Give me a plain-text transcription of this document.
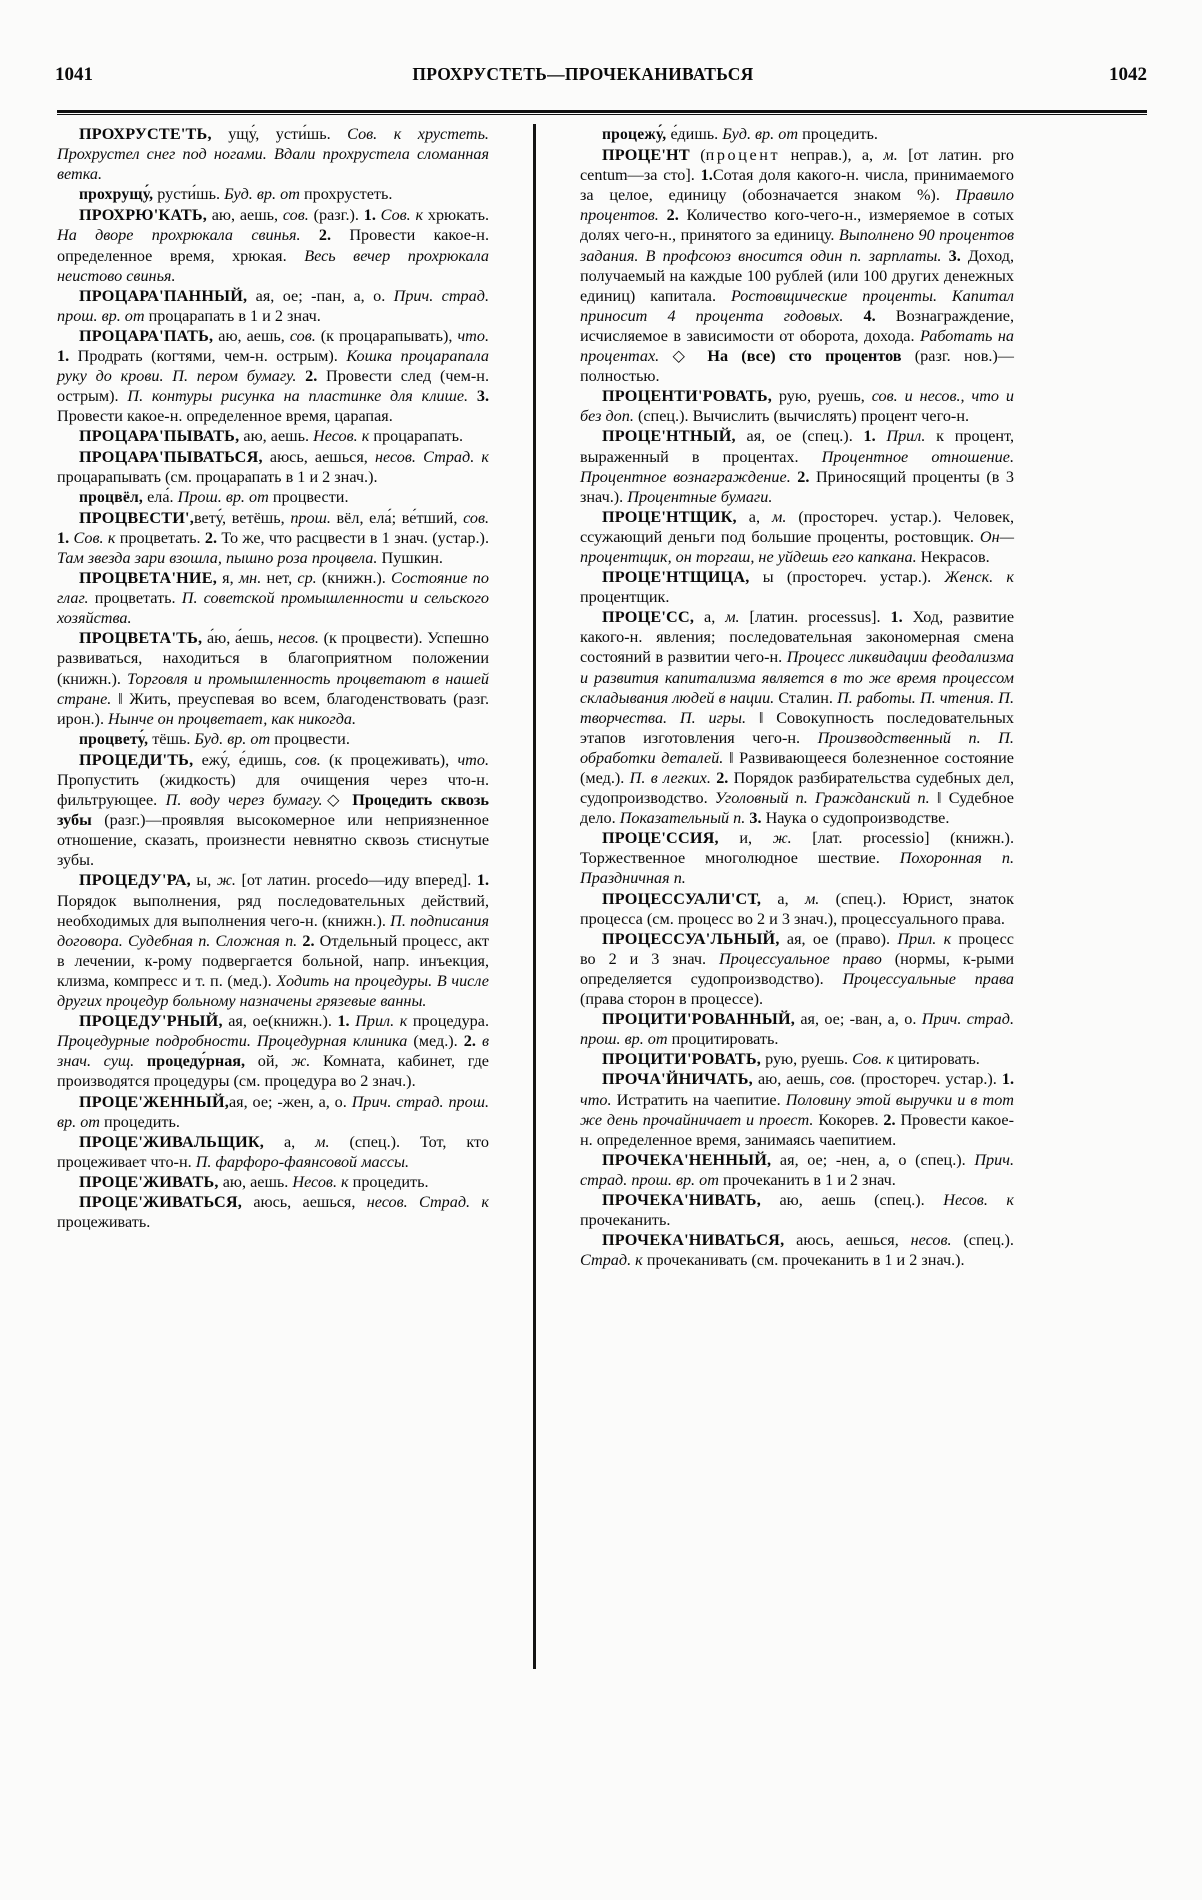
1041	ПРОХРУСТЕТЬ—ПРОЧЕКАНИВАТЬСЯ	1042

ПРОХРУСТЕ'ТЬ, ущу́, усти́шь. Сов. к хрустеть. Прохрустел снег под ногами. Вдали прохрустела сломанная ветка.

прохрущу́, русти́шь. Буд. вр. от прохрустеть.

ПРОХРЮ'КАТЬ, аю, аешь, сов. (разг.). 1. Сов. к хрюкать. На дворе прохрюкала свинья. 2. Провести какое-н. определенное время, хрюкая. Весь вечер прохрюкала неистово свинья.

ПРОЦАРА'ПАННЫЙ, ая, ое; -пан, а, о. Прич. страд. прош. вр. от процарапать в 1 и 2 знач.

ПРОЦАРА'ПАТЬ, аю, аешь, сов. (к процарапывать), что. 1. Продрать (когтями, чем-н. острым). Кошка процарапала руку до крови. П. пером бумагу. 2. Провести след (чем-н. острым). П. контуры рисунка на пластинке для клише. 3. Провести какое-н. определенное время, царапая.

ПРОЦАРА'ПЫВАТЬ, аю, аешь. Несов. к процарапать.

ПРОЦАРА'ПЫВАТЬСЯ, аюсь, аешься, несов. Страд. к процарапывать (см. процарапать в 1 и 2 знач.).

процвёл, ела́. Прош. вр. от процвести.

ПРОЦВЕСТИ',вету́, ветёшь, прош. вёл, ела́; ве́тший, сов. 1. Сов. к процветать. 2. То же, что расцвести в 1 знач. (устар.). Там звезда зари взошла, пышно роза процвела. Пушкин.

ПРОЦВЕТА'НИЕ, я, мн. нет, ср. (книжн.). Состояние по глаг. процветать. П. советской промышленности и сельского хозяйства.

ПРОЦВЕТА'ТЬ, а́ю, а́ешь, несов. (к процвести). Успешно развиваться, находиться в благоприятном положении (книжн.). Торговля и промышленность процветают в нашей стране. ‖ Жить, преуспевая во всем, благоденствовать (разг. ирон.). Нынче он процветает, как никогда.

процвету́, тёшь. Буд. вр. от процвести.

ПРОЦЕДИ'ТЬ, ежу́, е́дишь, сов. (к процеживать), что. Пропустить (жидкость) для очищения через что-н. фильтрующее. П. воду через бумагу.◇ Процедить сквозь зубы (разг.)—проявляя высокомерное или неприязненное отношение, сказать, произнести невнятно сквозь стиснутые зубы.

ПРОЦЕДУ'РА, ы, ж. [от латин. procedo—иду вперед]. 1. Порядок выполнения, ряд последовательных действий, необходимых для выполнения чего-н. (книжн.). П. подписания договора. Судебная п. Сложная п. 2. Отдельный процесс, акт в лечении, к-рому подвергается больной, напр. инъекция, клизма, компресс и т. п. (мед.). Ходить на процедуры. В числе других процедур больному назначены грязевые ванны.

ПРОЦЕДУ'РНЫЙ, ая, ое(книжн.). 1. Прил. к процедура. Процедурные подробности. Процедурная клиника (мед.). 2. в знач. сущ. процеду́рная, ой, ж. Комната, кабинет, где производятся процедуры (см. процедура во 2 знач.).

ПРОЦЕ'ЖЕННЫЙ,ая, ое; -жен, а, о. Прич. страд. прош. вр. от процедить.

ПРОЦЕ'ЖИВАЛЬЩИК, а, м. (спец.). Тот, кто процеживает что-н. П. фарфоро-фаянсовой массы.

ПРОЦЕ'ЖИВАТЬ, аю, аешь. Несов. к процедить.

ПРОЦЕ'ЖИВАТЬСЯ, аюсь, аешься, несов. Страд. к процеживать.

процежу́, е́дишь. Буд. вр. от процедить.

ПРОЦЕ'НТ (процент неправ.), а, м. [от латин. pro centum—за сто]. 1.Сотая доля какого-н. числа, принимаемого за целое, единицу (обозначается знаком %). Правило процентов. 2. Количество кого-чего-н., измеряемое в сотых долях чего-н., принятого за единицу. Выполнено 90 процентов задания. В профсоюз вносится один п. зарплаты. 3. Доход, получаемый на каждые 100 рублей (или 100 других денежных единиц) капитала. Ростовщические проценты. Капитал приносит 4 процента годовых. 4. Вознаграждение, исчисляемое в зависимости от оборота, дохода. Работать на процентах. ◇ На (все) сто процентов (разг. нов.)—полностью.

ПРОЦЕНТИ'РОВАТЬ, рую, руешь, сов. и несов., что и без доп. (спец.). Вычислить (вычислять) процент чего-н.

ПРОЦЕ'НТНЫЙ, ая, ое (спец.). 1. Прил. к процент, выраженный в процентах. Процентное отношение. Процентное вознаграждение. 2. Приносящий проценты (в 3 знач.). Процентные бумаги.

ПРОЦЕ'НТЩИК, а, м. (простореч. устар.). Человек, ссужающий деньги под большие проценты, ростовщик. Он—процентщик, он торгаш, не уйдешь его капкана. Некрасов.

ПРОЦЕ'НТЩИЦА, ы (простореч. устар.). Женск. к процентщик.

ПРОЦЕ'СС, а, м. [латин. processus]. 1. Ход, развитие какого-н. явления; последовательная закономерная смена состояний в развитии чего-н. Процесс ликвидации феодализма и развития капитализма является в то же время процессом складывания людей в нации. Сталин. П. работы. П. чтения. П. творчества. П. игры. ‖ Совокупность последовательных этапов изготовления чего-н. Производственный п. П. обработки деталей. ‖ Развивающееся болезненное состояние (мед.). П. в легких. 2. Порядок разбирательства судебных дел, судопроизводство. Уголовный п. Гражданский п. ‖ Судебное дело. Показательный п. 3. Наука о судопроизводстве.

ПРОЦЕ'ССИЯ, и, ж. [лат. processio] (книжн.). Торжественное многолюдное шествие. Похоронная п. Праздничная п.

ПРОЦЕССУАЛИ'СТ, а, м. (спец.). Юрист, знаток процесса (см. процесс во 2 и 3 знач.), процессуального права.

ПРОЦЕССУА'ЛЬНЫЙ, ая, ое (право). Прил. к процесс во 2 и 3 знач. Процессуальное право (нормы, к-рыми определяется судопроизводство). Процессуальные права (права сторон в процессе).

ПРОЦИТИ'РОВАННЫЙ, ая, ое; -ван, а, о. Прич. страд. прош. вр. от процитировать.

ПРОЦИТИ'РОВАТЬ, рую, руешь. Сов. к цитировать.

ПРОЧА'ЙНИЧАТЬ, аю, аешь, сов. (простореч. устар.). 1. что. Истратить на чаепитие. Половину этой выручки и в тот же день прочайничает и проест. Кокорев. 2. Провести какое-н. определенное время, занимаясь чаепитием.

ПРОЧЕКА'НЕННЫЙ, ая, ое; -нен, а, о (спец.). Прич. страд. прош. вр. от прочеканить в 1 и 2 знач.

ПРОЧЕКА'НИВАТЬ, аю, аешь (спец.). Несов. к прочеканить.

ПРОЧЕКА'НИВАТЬСЯ, аюсь, аешься, несов. (спец.). Страд. к прочеканивать (см. прочеканить в 1 и 2 знач.).
